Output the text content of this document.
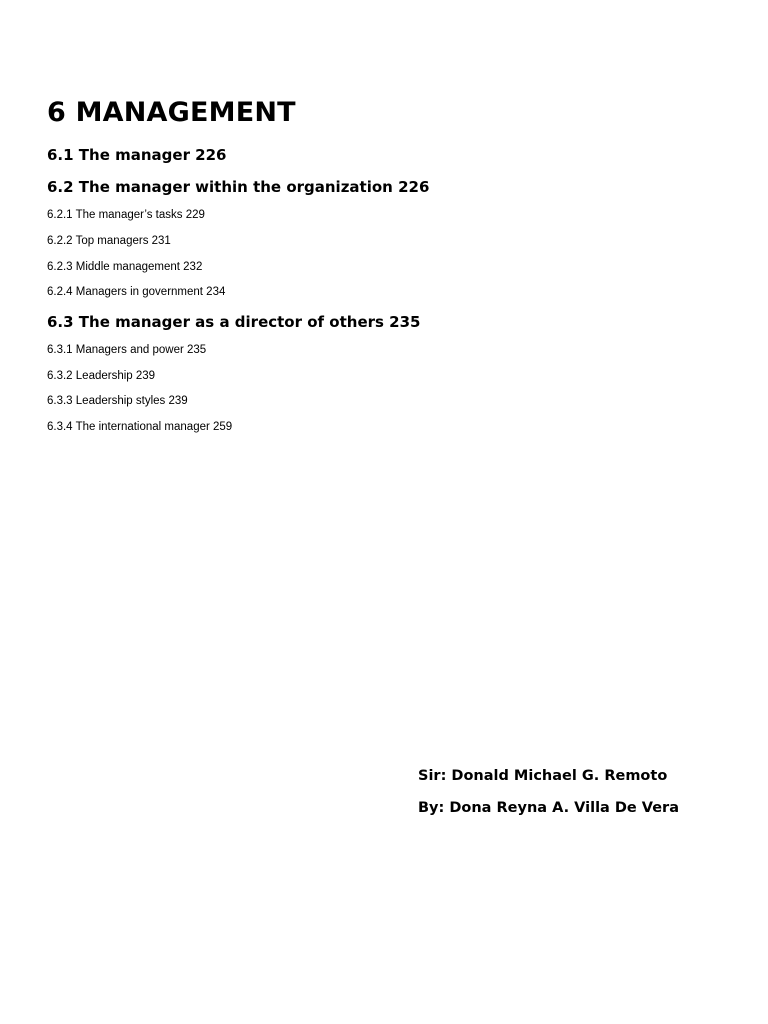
6 MANAGEMENT
6.1 The manager 226
6.2 The manager within the organization 226
6.2.1 The manager’s tasks 229
6.2.2 Top managers 231
6.2.3 Middle management 232
6.2.4 Managers in government 234
6.3 The manager as a director of others 235
6.3.1 Managers and power 235
6.3.2 Leadership 239
6.3.3 Leadership styles 239
6.3.4 The international manager 259
Sir: Donald Michael G. Remoto
By: Dona Reyna A. Villa De Vera
